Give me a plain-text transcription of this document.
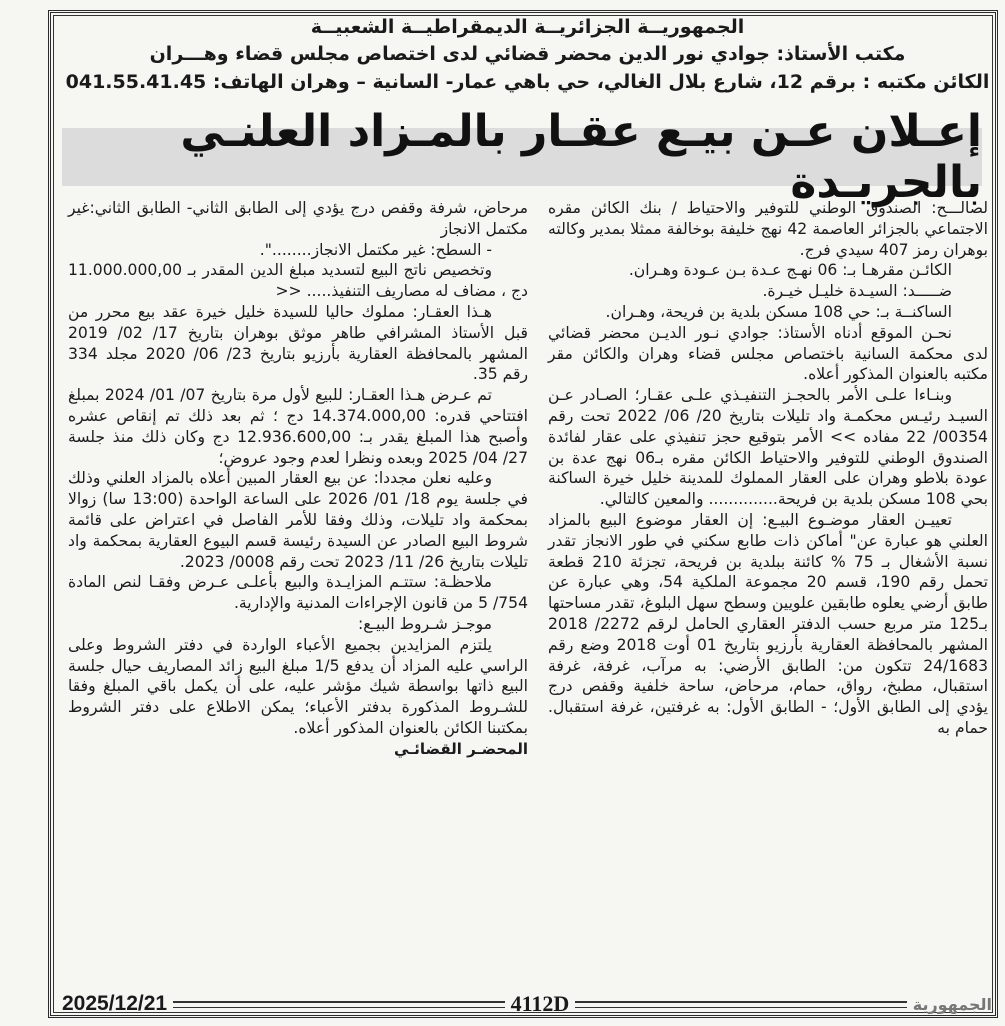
الجمهوريــة الجزائريــة الديمقراطيــة الشعبيــة
مكتب الأستاذ: جوادي نور الدين محضر قضائي لدى اختصاص مجلس قضاء وهـــران
الكائن مكتبه : برقم 12، شارع بلال الغالي، حي باهي عمار- السانية – وهران الهاتف: 041.55.41.45
إعـلان عـن بيـع عقـار بالمـزاد العلنـي بالجريـدة

لصالـــح: الصندوق الوطني للتوفير والاحتياط / بنك الكائن مقره الاجتماعي بالجزائر العاصمة 42 نهج خليفة بوخالفة ممثلا بمدير وكالته بوهران رمز 407 سيدي فرج.

الكائـن مقرهـا بـ: 06 نهـج عـدة بـن عـودة وهـران.

ضـــــد: السيـدة خليـل خيـرة.

الساكنــة بـ: حي 108 مسكن بلدية بن فريحة، وهـران.

نحـن الموقع أدناه الأستاذ: جوادي نـور الديـن محضر قضائي لدى محكمة السانية باختصاص مجلس قضاء وهران والكائن مقر مكتبه بالعنوان المذكور أعلاه.

وبنـاءا علـى الأمر بالحجـز التنفيـذي علـى عقـار؛ الصـادر عـن السيـد رئيـس محكمـة واد تليلات بتاريخ 20/ 06/ 2022 تحت رقم 00354/ 22 مفاده >> الأمر بتوقيع حجز تنفيذي على عقار لفائدة الصندوق الوطني للتوفير والاحتياط الكائن مقره بـ06 نهج عدة بن عودة بلاطو وهران على العقار المملوك للمدينة خليل خيرة الساكنة بحي 108 مسكن بلدية بن فريحة.............. والمعين كالتالي.

تعييـن العقار موضـوع البيـع: إن العقار موضوع البيع بالمزاد العلني هو عبارة عن" أماكن ذات طابع سكني في طور الانجاز تقدر نسبة الأشغال بـ 75 % كائنة ببلدية بن فريحة، تجزئة 210 قطعة تحمل رقم 190، قسم 20 مجموعة الملكية 54، وهي عبارة عن طابق أرضي يعلوه طابقين علويين وسطح سهل البلوغ، تقدر مساحتها بـ125 متر مربع حسب الدفتر العقاري الحامل لرقم 2272/ 2018 المشهر بالمحافظة العقارية بأرزيو بتاريخ 01 أوت 2018 وضع رقم 24/1683 تتكون من: الطابق الأرضي: به مرآب، غرفة، غرفة استقبال، مطبخ، رواق، حمام، مرحاض، ساحة خلفية وقفص درج يؤدي إلى الطابق الأول؛ - الطابق الأول: به غرفتين، غرفة استقبال. حمام به

مرحاض، شرفة وقفص درج يؤدي إلى الطابق الثاني- الطابق الثاني:غير مكتمل الانجاز

- السطح: غير مكتمل الانجاز........".

وتخصيص ناتج البيع لتسديد مبلغ الدين المقدر بـ 11.000.000,00 دج ، مضاف له مصاريف التنفيذ..... <<

هـذا العقـار: مملوك حاليا للسيدة خليل خيرة عقد بيع محرر من قبل الأستاذ المشرافي طاهر موثق بوهران بتاريخ 17/ 02/ 2019 المشهر بالمحافظة العقارية بأرزيو بتاريخ 23/ 06/ 2020 مجلد 334 رقم 35.

تم عـرض هـذا العقـار: للبيع لأول مرة بتاريخ 07/ 01/ 2024 بمبلغ افتتاحي قدره: 14.374.000,00 دج ؛ ثم بعد ذلك تم إنقاص عشره وأصبح هذا المبلغ يقدر بـ: 12.936.600,00 دج وكان ذلك منذ جلسة 27/ 04/ 2025 وبعده ونظرا لعدم وجود عروض؛

وعليه نعلن مجددا: عن بيع العقار المبين أعلاه بالمزاد العلني وذلك في جلسة يوم 18/ 01/ 2026 على الساعة الواحدة (13:00 سا) زوالا بمحكمة واد تليلات، وذلك وفقا للأمر الفاصل في اعتراض على قائمة شروط البيع الصادر عن السيدة رئيسة قسم البيوع العقارية بمحكمة واد تليلات بتاريخ 26/ 11/ 2023 تحت رقم 0008/ 2023.

ملاحظـة: ستتـم المزايـدة والبيع بأعلـى عـرض وفقـا لنص المادة 754/ 5 من قانون الإجراءات المدنية والإدارية.

موجـز شـروط البيـع:

يلتزم المزايدين بجميع الأعباء الواردة في دفتر الشروط وعلى الراسي عليه المزاد أن يدفع 1/5 مبلغ البيع زائد المصاريف حيال جلسة البيع ذاتها بواسطة شيك مؤشر عليه، على أن يكمل باقي المبلغ وفقا للشـروط المذكورة بدفتر الأعباء؛ يمكن الاطلاع على دفتر الشروط بمكتبنا الكائن بالعنوان المذكور أعلاه.

المحضـر القضائـي

2025/12/21	4112D	الجمهورية
